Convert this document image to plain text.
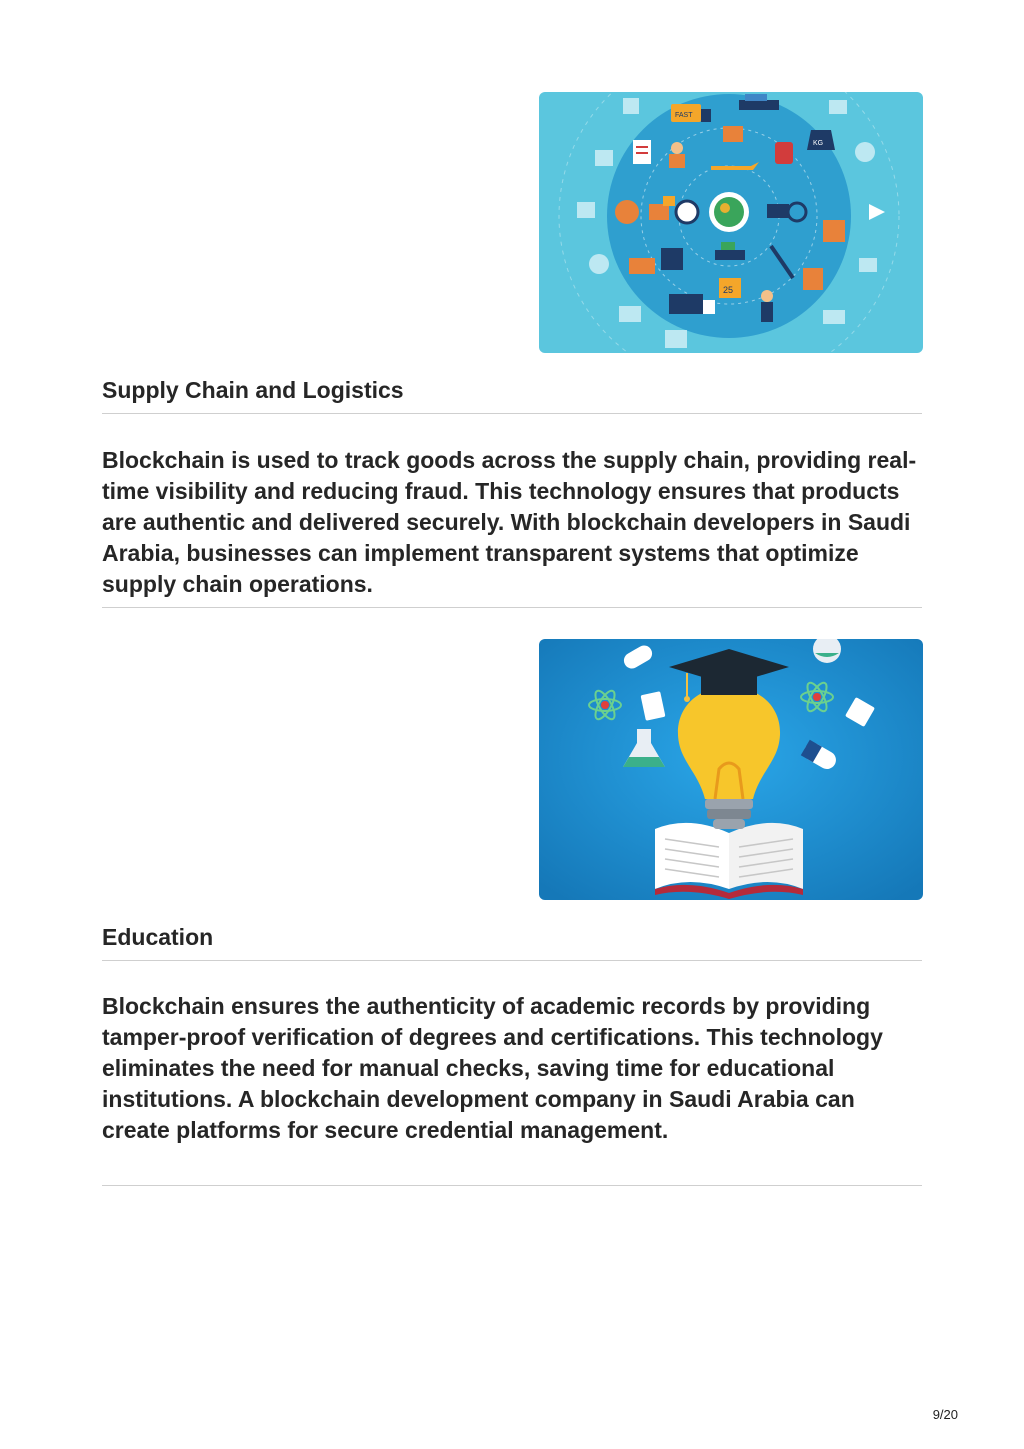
FAST
KG
25
Supply Chain and Logistics

Blockchain is used to track goods across the supply chain, providing real-time visibility and reducing fraud. This technology ensures that products are authentic and delivered securely. With blockchain developers in Saudi Arabia, businesses can implement transparent systems that optimize supply chain operations.

Education

Blockchain ensures the authenticity of academic records by providing tamper-proof verification of degrees and certifications. This technology eliminates the need for manual checks, saving time for educational institutions. A blockchain development company in Saudi Arabia can create platforms for secure credential management.

9/20
